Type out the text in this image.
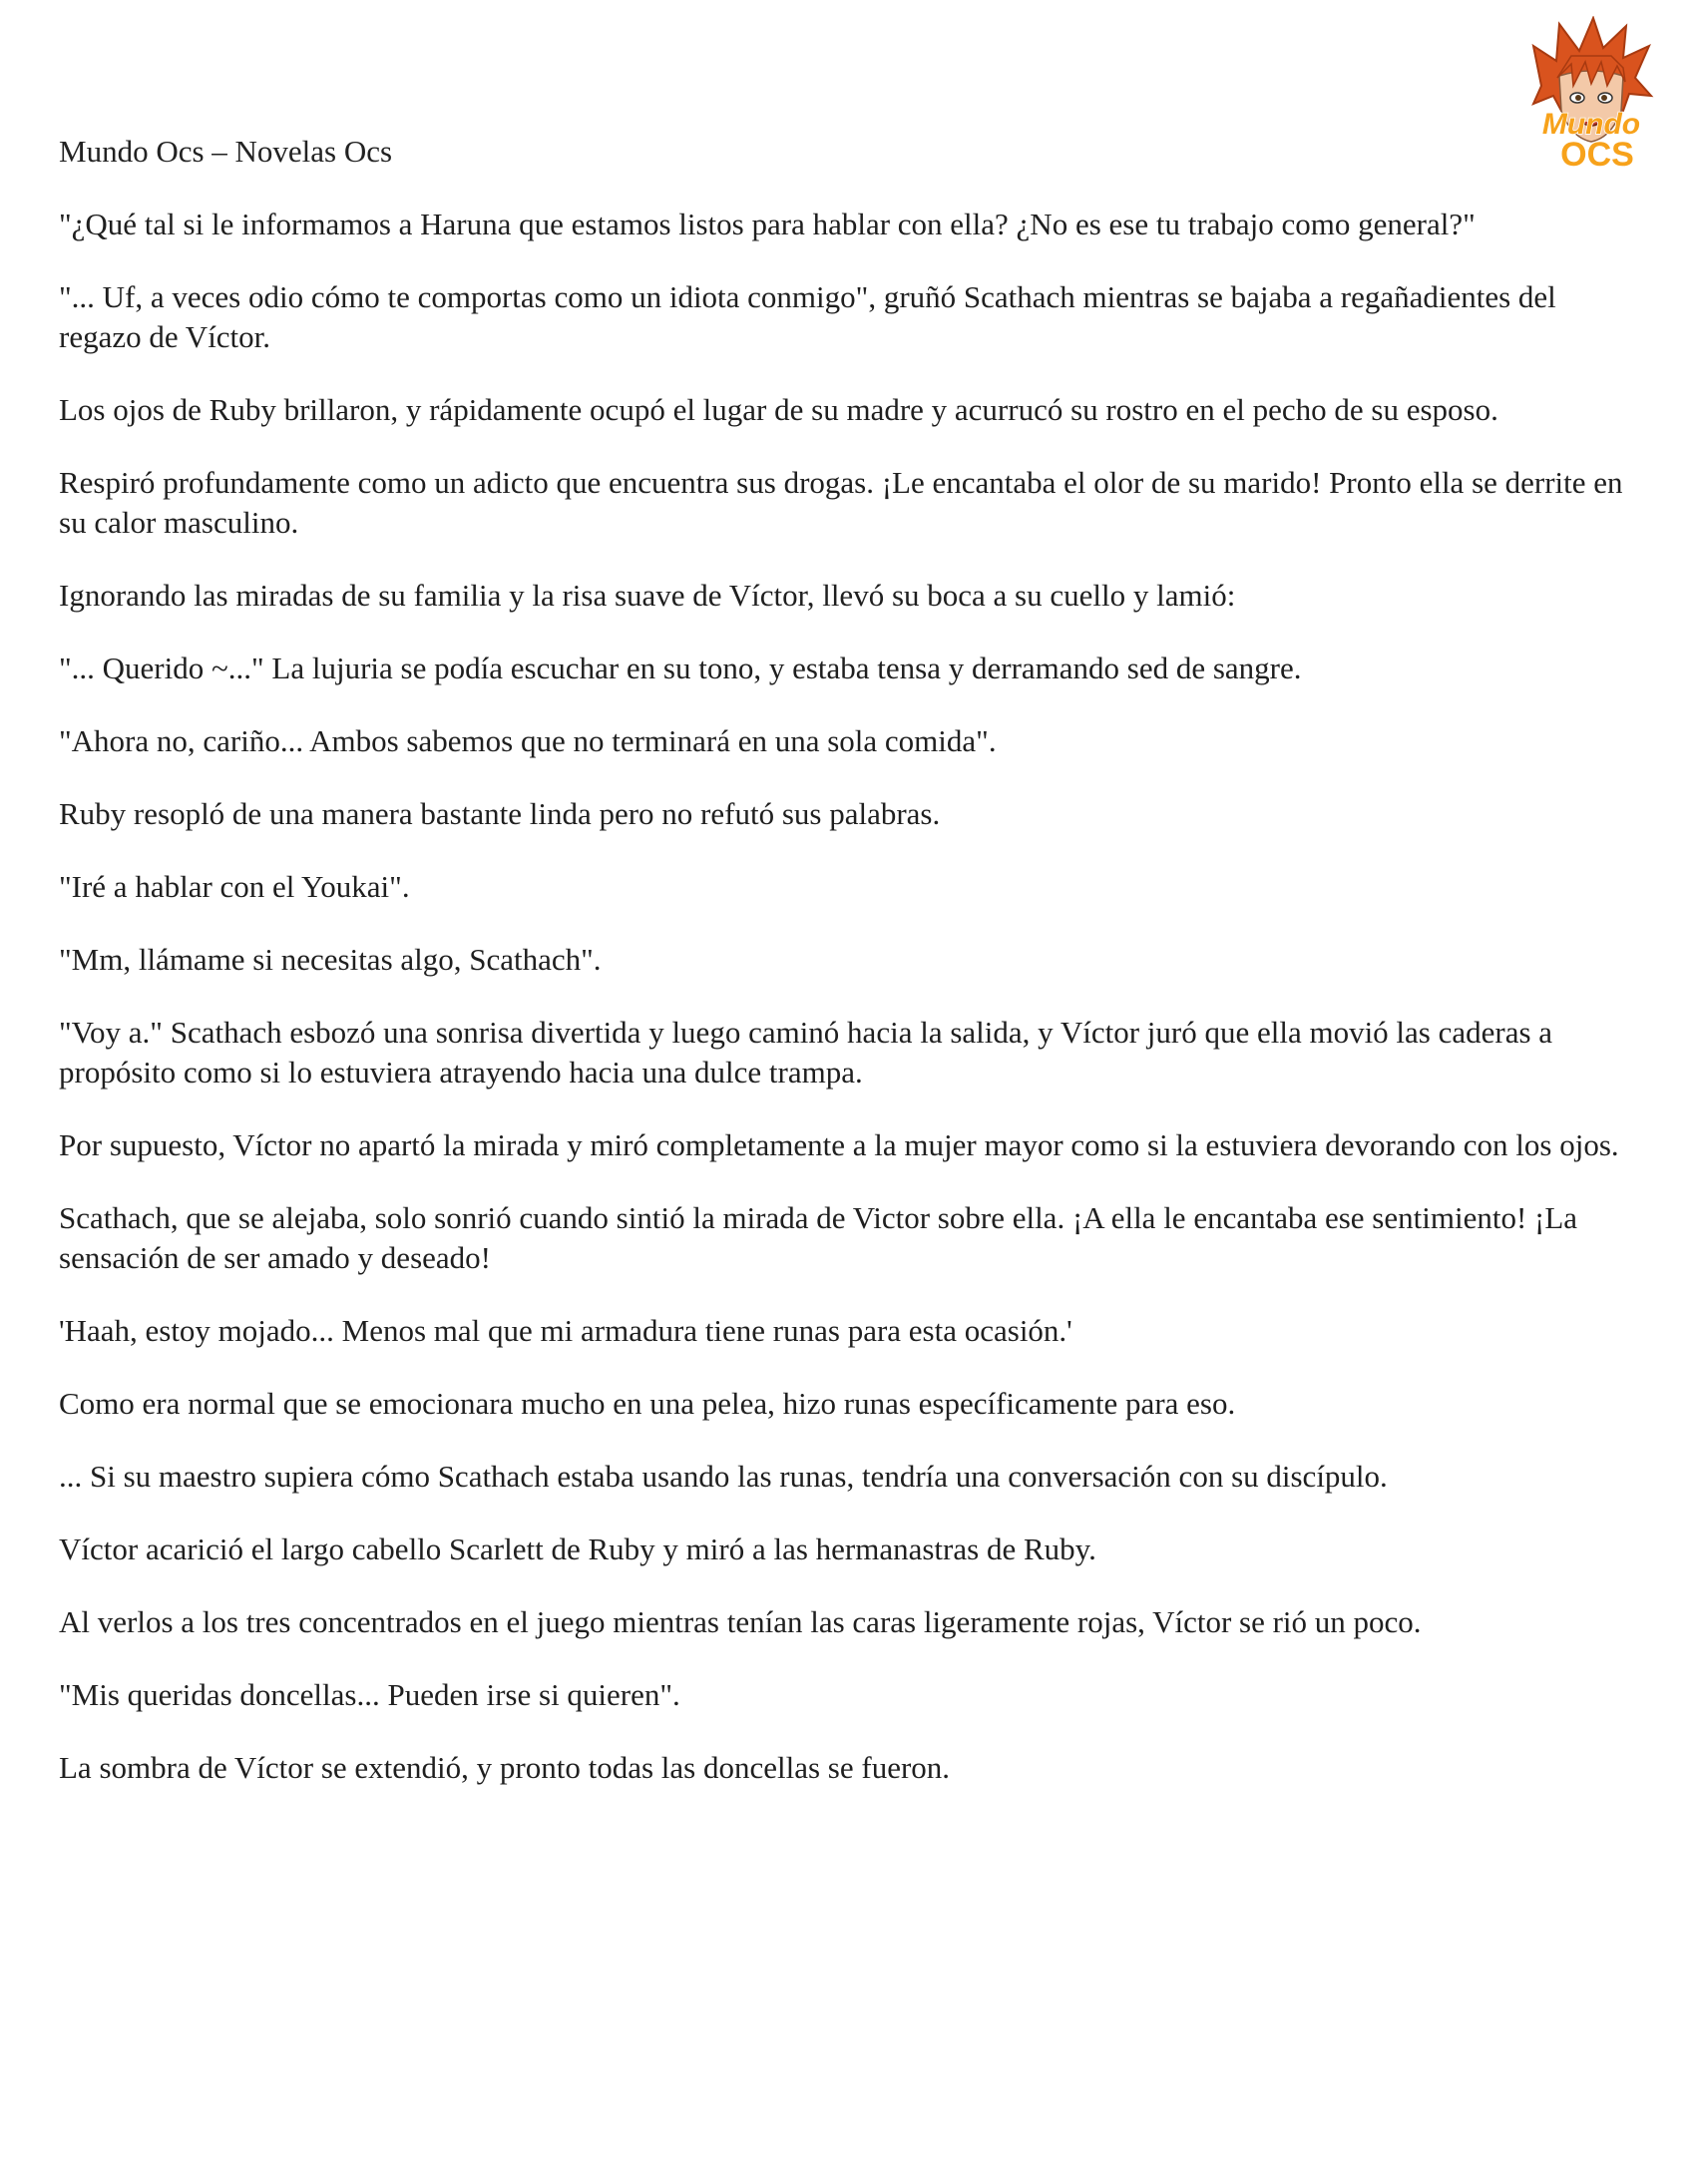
Mundo Ocs – Novelas Ocs
Mundo
OCS

"¿Qué tal si le informamos a Haruna que estamos listos para hablar con ella? ¿No es ese tu trabajo como general?"

"... Uf, a veces odio cómo te comportas como un idiota conmigo", gruñó Scathach mientras se bajaba a regañadientes del regazo de Víctor.

Los ojos de Ruby brillaron, y rápidamente ocupó el lugar de su madre y acurrucó su rostro en el pecho de su esposo.

Respiró profundamente como un adicto que encuentra sus drogas. ¡Le encantaba el olor de su marido! Pronto ella se derrite en su calor masculino.

Ignorando las miradas de su familia y la risa suave de Víctor, llevó su boca a su cuello y lamió:

"... Querido ~..." La lujuria se podía escuchar en su tono, y estaba tensa y derramando sed de sangre.

"Ahora no, cariño... Ambos sabemos que no terminará en una sola comida".

Ruby resopló de una manera bastante linda pero no refutó sus palabras.

"Iré a hablar con el Youkai".

"Mm, llámame si necesitas algo, Scathach".

"Voy a." Scathach esbozó una sonrisa divertida y luego caminó hacia la salida, y Víctor juró que ella movió las caderas a propósito como si lo estuviera atrayendo hacia una dulce trampa.

Por supuesto, Víctor no apartó la mirada y miró completamente a la mujer mayor como si la estuviera devorando con los ojos.

Scathach, que se alejaba, solo sonrió cuando sintió la mirada de Victor sobre ella. ¡A ella le encantaba ese sentimiento! ¡La sensación de ser amado y deseado!

'Haah, estoy mojado... Menos mal que mi armadura tiene runas para esta ocasión.'

Como era normal que se emocionara mucho en una pelea, hizo runas específicamente para eso.

... Si su maestro supiera cómo Scathach estaba usando las runas, tendría una conversación con su discípulo.

Víctor acarició el largo cabello Scarlett de Ruby y miró a las hermanastras de Ruby.

Al verlos a los tres concentrados en el juego mientras tenían las caras ligeramente rojas, Víctor se rió un poco.

"Mis queridas doncellas... Pueden irse si quieren".

La sombra de Víctor se extendió, y pronto todas las doncellas se fueron.
